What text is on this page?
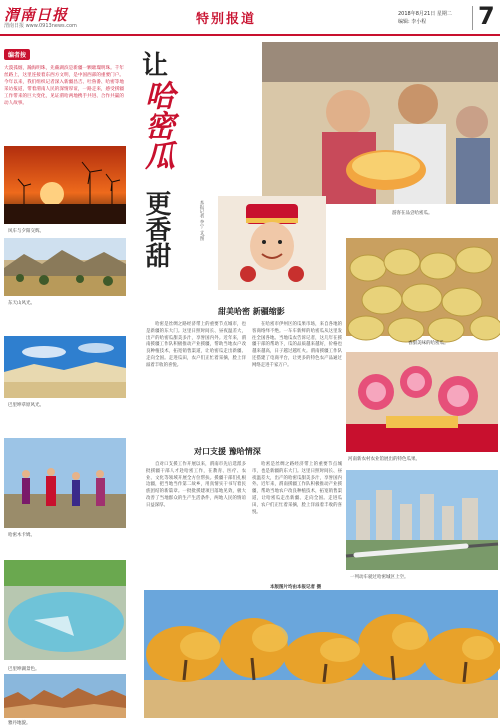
渭南日报
渭南日报 www.0913news.com	特别报道	2018年8月21日 星期二
编辑: 李小程	7
编者按
大漠孤烟，瀚海明珠，先蕨湖滨是新疆一颗璀璨明珠。千年丝路上，这里连接着东西方文明，是中国西部的重要门户。今年以来，我们组织记者深入新疆昌吉、吐鲁番、哈密等地采访报道，带着渭南人民的深情厚谊，一路走来，感受援疆工作带来的巨大变化，见证渭哈两地携手共进、合作共赢的动人故事。
风车与夕阳交辉。
东天山风光。
巴里坤草原风光。
哈密木卡姆。
巴里坤湖景色。
雅丹地貌。
让
哈密瓜
更香甜	本报记者 李宁 文/图	游客在品尝哈密瓜。
甜美哈密 新疆缩影

哈密是丝绸之路经济带上的重要节点城市，也是新疆的东大门。这里日照时间长、昼夜温差大，出产的哈密瓜甜美多汁，享誉国内外。近年来，渭南援疆工作队积极推动产业援疆，帮助当地农户改良种植技术，拓宽销售渠道，让哈密瓜走出新疆、走向全国。走进瓜田，农户们正忙着采摘，脸上洋溢着丰收的喜悦。

在哈密市伊州区的瓜果市场，来自各地的客商络绎不绝。一车车新鲜的哈密瓜从这里发往全国各地。当地瓜农告诉记者，这几年在援疆干部的帮助下，瓜的品质越来越好，价格也越来越高，日子越过越红火。渭南援疆工作队还搭建了电商平台，让更多的特色农产品通过网络走进千家万户。

香甜美味的哈密瓜。
河南新农村农业馆展出的特色瓜果。
对口支援 豫哈情深

自对口支援工作开展以来，渭南市先后选派多批援疆干部人才赴哈密工作，在教育、医疗、农业、文化等领域开展全方位帮扶。援疆干部们扎根边疆，把当地当作第二故乡，用真情实干书写着民族团结的新篇章。一批批援建项目落地见效，极大改善了当地群众的生产生活条件，两地人民的情谊日益深厚。

哈密是丝绸之路经济带上的重要节点城市，也是新疆的东大门。这里日照时间长、昼夜温差大，出产的哈密瓜甜美多汁，享誉国内外。近年来，渭南援疆工作队积极推动产业援疆，帮助当地农户改良种植技术，拓宽销售渠道，让哈密瓜走出新疆、走向全国。走进瓜田，农户们正忙着采摘，脸上洋溢着丰收的喜悦。

一列动车驶过哈密城区上空。
本版图片均由本报记者 摄
